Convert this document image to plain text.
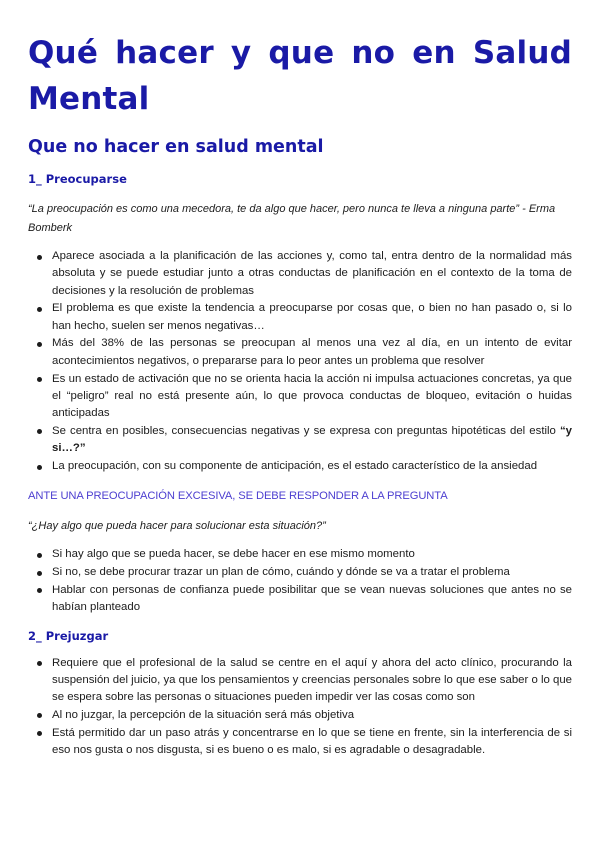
Qué hacer y que no en Salud Mental
Que no hacer en salud mental
1_ Preocuparse

“La preocupación es como una mecedora, te da algo que hacer, pero nunca te lleva a ninguna parte” - Erma Bomberk

Aparece asociada a la planificación de las acciones y, como tal, entra dentro de la normalidad más absoluta y se puede estudiar junto a otras conductas de planificación en el contexto de la toma de decisiones y la resolución de problemas
El problema es que existe la tendencia a preocuparse por cosas que, o bien no han pasado o, si lo han hecho, suelen ser menos negativas…
Más del 38% de las personas se preocupan al menos una vez al día, en un intento de evitar acontecimientos negativos, o prepararse para lo peor antes un problema que resolver
Es un estado de activación que no se orienta hacia la acción ni impulsa actuaciones concretas, ya que el “peligro” real no está presente aún, lo que provoca conductas de bloqueo, evitación o huidas anticipadas
Se centra en posibles, consecuencias negativas y se expresa con preguntas hipotéticas del estilo “y si…?”
La preocupación, con su componente de anticipación, es el estado característico de la ansiedad

ANTE UNA PREOCUPACIÓN EXCESIVA, SE DEBE RESPONDER A LA PREGUNTA

“¿Hay algo que pueda hacer para solucionar esta situación?”

Si hay algo que se pueda hacer, se debe hacer en ese mismo momento
Si no, se debe procurar trazar un plan de cómo, cuándo y dónde se va a tratar el problema
Hablar con personas de confianza puede posibilitar que se vean nuevas soluciones que antes no se habían planteado
2_ Prejuzgar
Requiere que el profesional de la salud se centre en el aquí y ahora del acto clínico, procurando la suspensión del juicio, ya que los pensamientos y creencias personales sobre lo que ese saber o lo que se espera sobre las personas o situaciones pueden impedir ver las cosas como son
Al no juzgar, la percepción de la situación será más objetiva
Está permitido dar un paso atrás y concentrarse en lo que se tiene en frente, sin la interferencia de si eso nos gusta o nos disgusta, si es bueno o es malo, si es agradable o desagradable.
